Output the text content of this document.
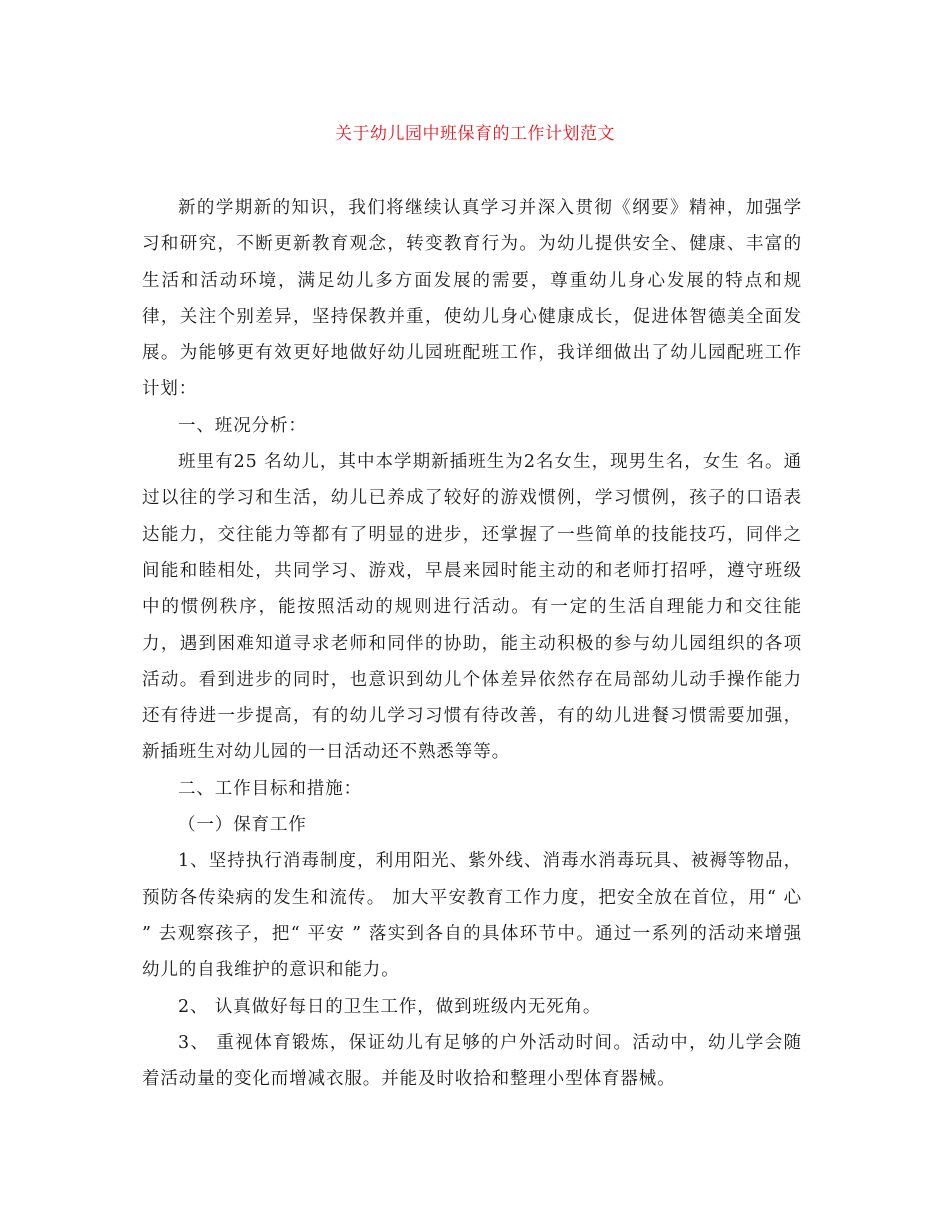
关于幼儿园中班保育的工作计划范文

新的学期新的知识，我们将继续认真学习并深入贯彻《纲要》精神，加强学习和研究，不断更新教育观念，转变教育行为。为幼儿提供安全、健康、丰富的生活和活动环境，满足幼儿多方面发展的需要，尊重幼儿身心发展的特点和规律，关注个别差异，坚持保教并重，使幼儿身心健康成长，促进体智德美全面发展。为能够更有效更好地做好幼儿园班配班工作，我详细做出了幼儿园配班工作计划：

一、班况分析：

班里有25 名幼儿，其中本学期新插班生为2名女生，现男生名，女生 名。通过以往的学习和生活，幼儿已养成了较好的游戏惯例，学习惯例，孩子的口语表达能力，交往能力等都有了明显的进步，还掌握了一些简单的技能技巧，同伴之间能和睦相处，共同学习、游戏，早晨来园时能主动的和老师打招呼，遵守班级中的惯例秩序，能按照活动的规则进行活动。有一定的生活自理能力和交往能力，遇到困难知道寻求老师和同伴的协助，能主动积极的参与幼儿园组织的各项活动。看到进步的同时，也意识到幼儿个体差异依然存在局部幼儿动手操作能力还有待进一步提高，有的幼儿学习习惯有待改善，有的幼儿进餐习惯需要加强，新插班生对幼儿园的一日活动还不熟悉等等。

二、工作目标和措施：

（一）保育工作

1、坚持执行消毒制度，利用阳光、紫外线、消毒水消毒玩具、被褥等物品，预防各传染病的发生和流传。 加大平安教育工作力度，把安全放在首位，用“ 心 ” 去观察孩子，把“ 平安 ” 落实到各自的具体环节中。通过一系列的活动来增强幼儿的自我维护的意识和能力。

2、 认真做好每日的卫生工作，做到班级内无死角。

3、 重视体育锻炼，保证幼儿有足够的户外活动时间。活动中，幼儿学会随着活动量的变化而增减衣服。并能及时收拾和整理小型体育器械。
